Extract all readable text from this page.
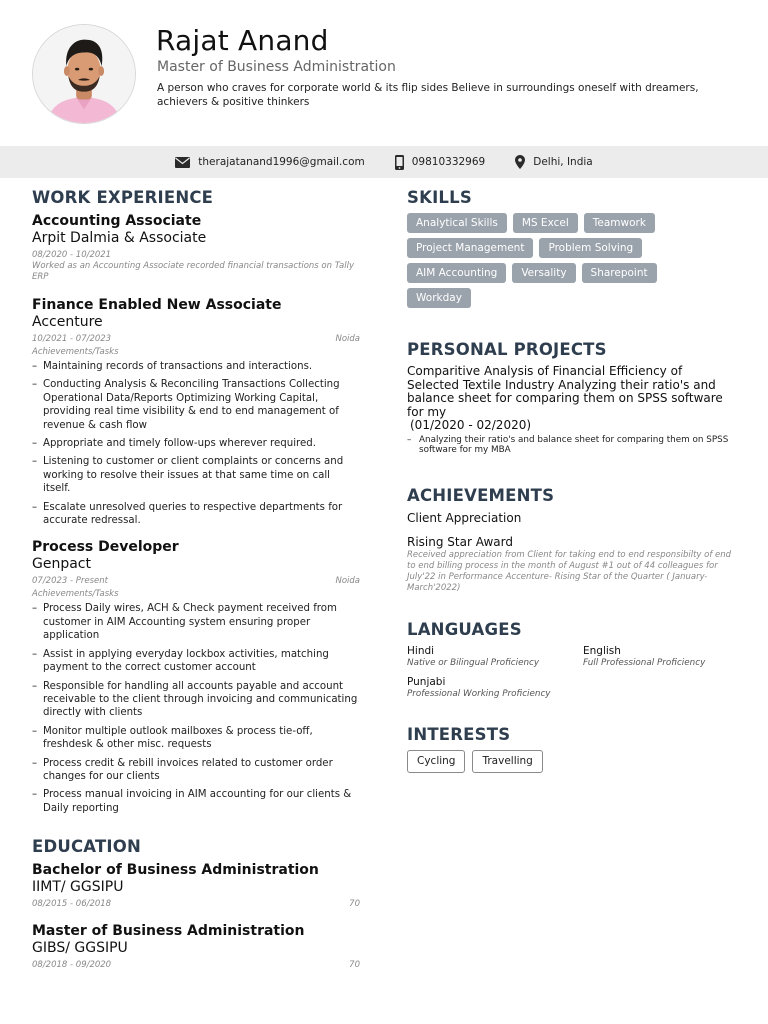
Rajat Anand
Master of Business Administration
A person who craves for corporate world & its flip sides Believe in surroundings oneself with dreamers, achievers & positive thinkers
therajatanand1996@gmail.com	09810332969	Delhi, India
WORK EXPERIENCE
Accounting Associate
Arpit Dalmia & Associate
08/2020 - 10/2021
Worked as an Accounting Associate recorded financial transactions on Tally ERP
Finance Enabled New Associate
Accenture
10/2021 - 07/2023	Noida
Achievements/Tasks
– Maintaining records of transactions and interactions.
– Conducting Analysis & Reconciling Transactions Collecting Operational Data/Reports Optimizing Working Capital, providing real time visibility & end to end management of revenue & cash flow
– Appropriate and timely follow-ups wherever required.
– Listening to customer or client complaints or concerns and working to resolve their issues at that same time on call itself.
– Escalate unresolved queries to respective departments for accurate redressal.
Process Developer
Genpact
07/2023 - Present	Noida
Achievements/Tasks
– Process Daily wires, ACH & Check payment received from customer in AIM Accounting system ensuring proper application
– Assist in applying everyday lockbox activities, matching payment to the correct customer account
– Responsible for handling all accounts payable and account receivable to the client through invoicing and communicating directly with clients
– Monitor multiple outlook mailboxes & process tie-off, freshdesk & other misc. requests
– Process credit & rebill invoices related to customer order changes for our clients
– Process manual invoicing in AIM accounting for our clients & Daily reporting
EDUCATION
Bachelor of Business Administration
IIMT/ GGSIPU
08/2015 - 06/2018	70
Master of Business Administration
GIBS/ GGSIPU
08/2018 - 09/2020	70
SKILLS
Analytical Skills	MS Excel	Teamwork
Project Management	Problem Solving
AIM Accounting	Versality	Sharepoint
Workday
PERSONAL PROJECTS
Comparitive Analysis of Financial Efficiency of Selected Textile Industry Analyzing their ratio's and balance sheet for comparing them on SPSS software for my
(01/2020 - 02/2020)
– Analyzing their ratio's and balance sheet for comparing them on SPSS software for my MBA
ACHIEVEMENTS
Client Appreciation
Rising Star Award
Received appreciation from Client for taking end to end responsibilty of end to end billing process in the month of August #1 out of 44 colleagues for July'22 in Performance Accenture- Rising Star of the Quarter ( January- March'2022)
LANGUAGES
Hindi
Native or Bilingual Proficiency
English
Full Professional Proficiency
Punjabi
Professional Working Proficiency
INTERESTS
Cycling	Travelling
